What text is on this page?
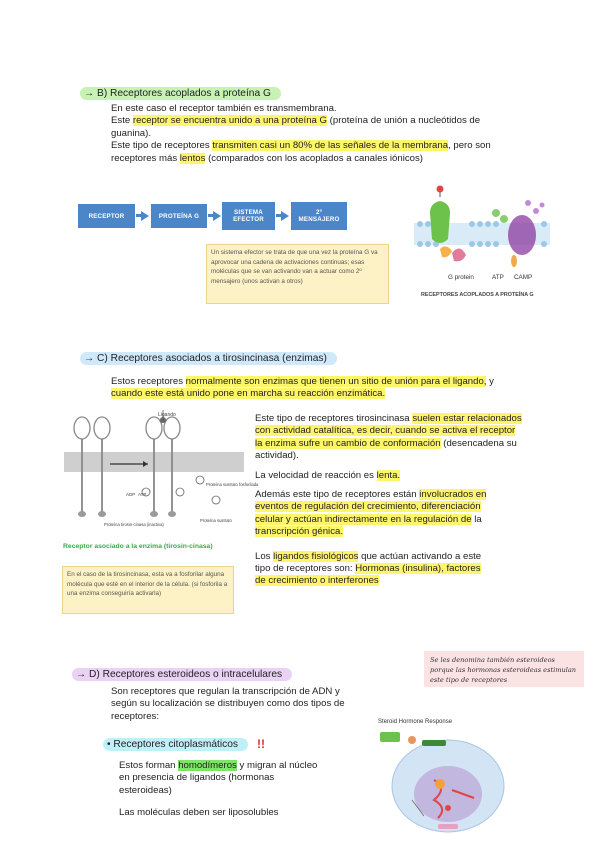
→ B) Receptores acoplados a proteína G

En este caso el receptor también es transmembrana.

Este receptor se encuentra unido a una proteína G (proteína de unión a nucleótidos de

guanina).

Este tipo de receptores transmiten casi un 80% de las señales de la membrana, pero son

receptores más lentos (comparados con los acoplados a canales iónicos)

RECEPTOR	PROTEÍNA G	SISTEMA EFECTOR
2º MENSAJERO
Un sistema efector se trata de que una vez la proteína G va aprovocar una cadena de activaciones continuas; esas moléculas que se van activando van a actuar como 2º mensajero (unos activan a otros)	G protein	ATP CAMP
RECEPTORES ACOPLADOS A PROTEÍNA G
→ C) Receptores asociados a tirosincinasa (enzimas)

Estos receptores normalmente son enzimas que tienen un sitio de unión para el ligando, y

cuando este está unido pone en marcha su reacción enzimática.

Ligando
ADP ATP
Proteína sustrato fosforilada
Proteína sustrato
Proteína tirosin-cinasa (inactiva)
Receptor asociado a la enzima (tirosin-cinasa)
En el caso de la tirosincinasa, esta va a fosforilar alguna molécula que esté en el interior de la célula. (si fosforila a una enzima conseguiría activarla)

Este tipo de receptores tirosincinasa suelen estar relacionados

con actividad catalítica, es decir, cuando se activa el receptor

la enzima sufre un cambio de conformación (desencadena su

actividad).

La velocidad de reacción es lenta.

Además este tipo de receptores están involucrados en

eventos de regulación del crecimiento, diferenciación

celular y actúan indirectamente en la regulación de la

transcripción génica.

Los ligandos fisiológicos que actúan activando a este

tipo de receptores son: Hormonas (insulina), factores

de crecimiento o interferones

Se les denomina también esteroideos porque las hormonas esteroideas estimulan este tipo de receptores
→ D) Receptores esteroideos o intracelulares

Son receptores que regulan la transcripción de ADN y

según su localización se distribuyen como dos tipos de

receptores:

• Receptores citoplasmáticos	!!

Estos forman homodímeros y migran al núcleo

en presencia de ligandos (hormonas

esteroideas)

Las moléculas deben ser liposolubles

Steroid Hormone Response
